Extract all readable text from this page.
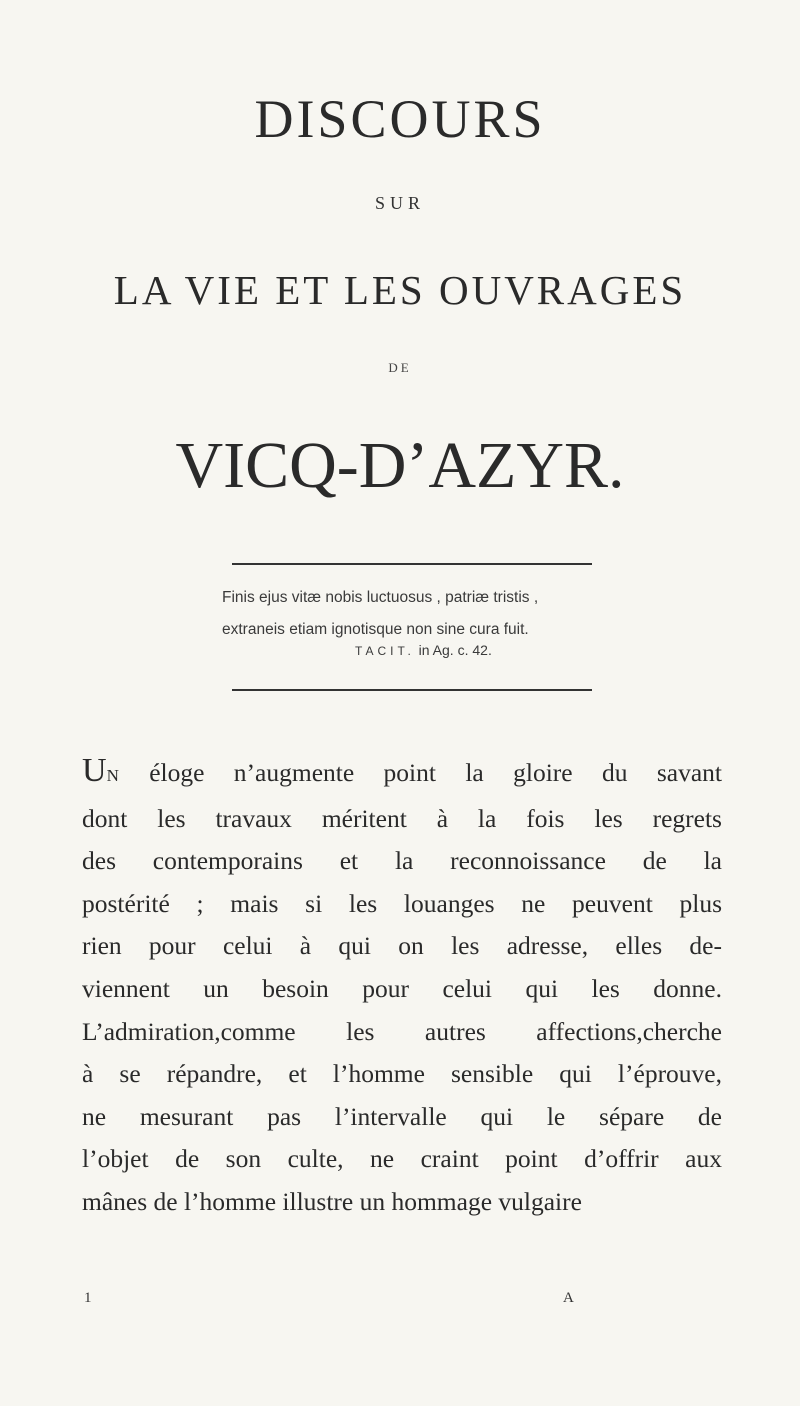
DISCOURS
SUR
LA VIE ET LES OUVRAGES
DE
VICQ-D’AZYR.
Finis ejus vitæ nobis luctuosus , patriæ tristis ,
extraneis etiam ignotisque non sine cura fuit.
TACIT. in Ag. c. 42.
UN éloge n’augmente point la gloire du savant
dont les travaux méritent à la fois les regrets
des contemporains et la reconnoissance de la
postérité ; mais si les louanges ne peuvent plus
rien pour celui à qui on les adresse, elles de-
viennent un besoin pour celui qui les donne.
L’admiration,comme les autres affections,cherche
à se répandre, et l’homme sensible qui l’éprouve,
ne mesurant pas l’intervalle qui le sépare de
l’objet de son culte, ne craint point d’offrir aux
mânes de l’homme illustre un hommage vulgaire
1	A
